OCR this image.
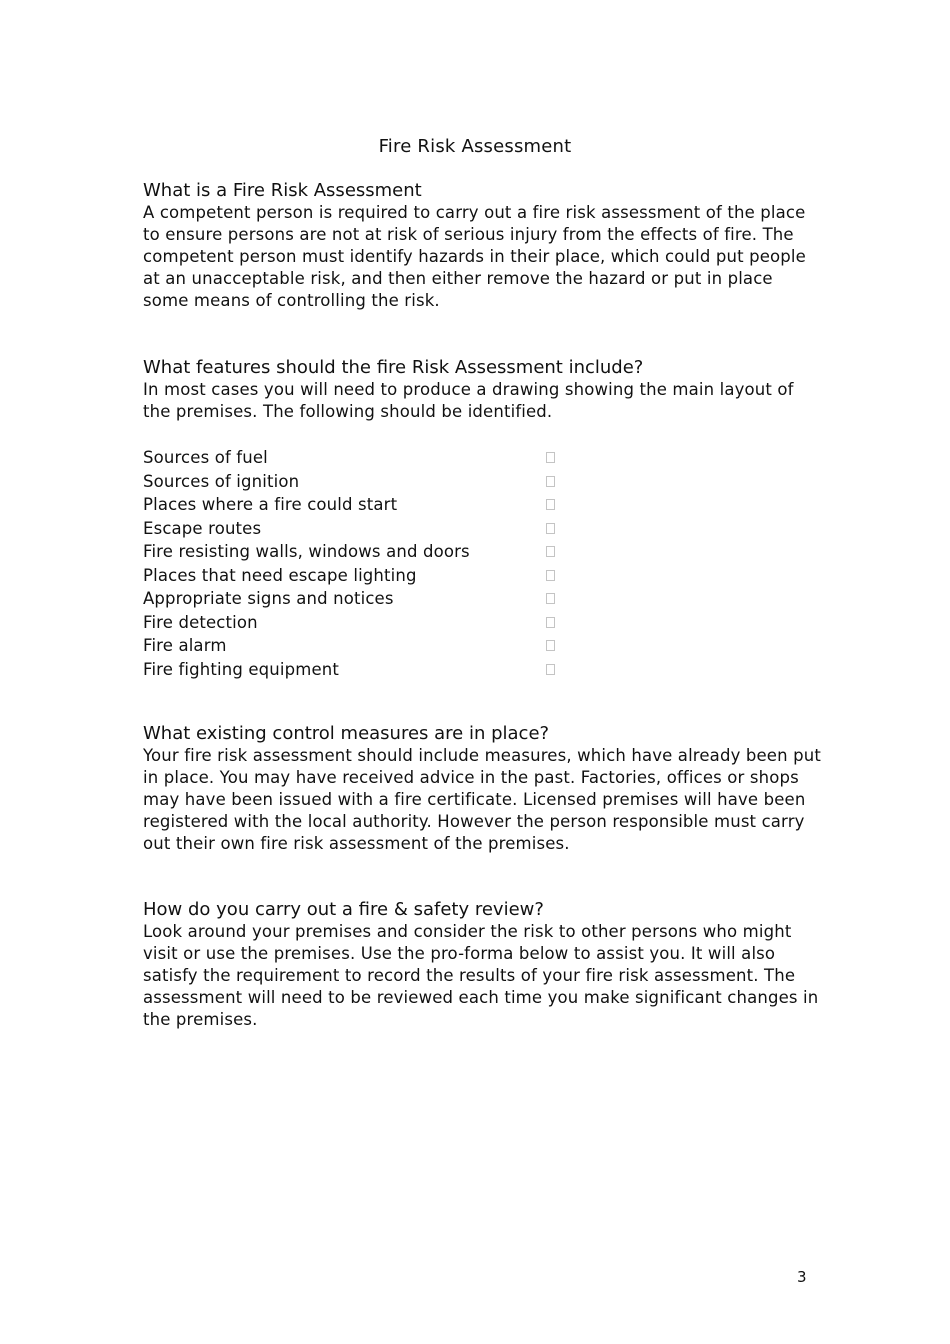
Fire Risk Assessment
What is a Fire Risk Assessment

A competent person is required to carry out a fire risk assessment of the place to ensure persons are not at risk of serious injury from the effects of fire. The competent person must identify hazards in their place, which could put people at an unacceptable risk, and then either remove the hazard or put in place some means of controlling the risk.

What features should the fire Risk Assessment include?

In most cases you will need to produce a drawing showing the main layout of the premises. The following should be identified.

Sources of fuel
Sources of ignition
Places where a fire could start
Escape routes
Fire resisting walls, windows and doors
Places that need escape lighting
Appropriate signs and notices
Fire detection
Fire alarm
Fire fighting equipment
What existing control measures are in place?

Your fire risk assessment should include measures, which have already been put in place. You may have received advice in the past. Factories, offices or shops may have been issued with a fire certificate. Licensed premises will have been registered with the local authority. However the person responsible must carry out their own fire risk assessment of the premises.

How do you carry out a fire & safety review?

Look around your premises and consider the risk to other persons who might visit or use the premises. Use the pro-forma below to assist you. It will also satisfy the requirement to record the results of your fire risk assessment. The assessment will need to be reviewed each time you make significant changes in the premises.

3
